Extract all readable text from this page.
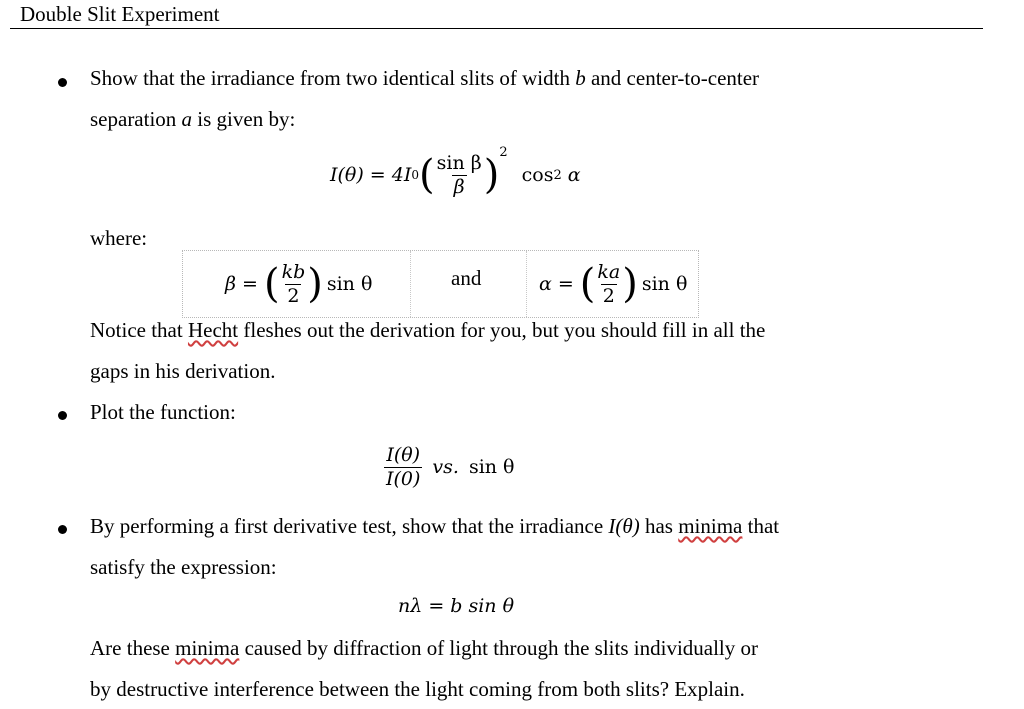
Double Slit Experiment
Show that the irradiance from two identical slits of width b and center-to-center
separation a is given by:
I(θ) = 4I 0 ( $\frac{\text{sin β}}{\beta} )^2$
cos 2 α
where:
β = ( $\frac{kb}{2}$ ) sin θ	and	α = ( $\frac{ka}{2}$ ) sin θ
Notice that Hecht fleshes out the derivation for you, but you should fill in all the
gaps in his derivation.
Plot the function:
$\frac{I(\theta)}{I(0)}$ vs. sin θ
By performing a first derivative test, show that the irradiance I(θ) has minima that
satisfy the expression:
nλ = b sin θ
Are these minima caused by diffraction of light through the slits individually or
by destructive interference between the light coming from both slits? Explain.
